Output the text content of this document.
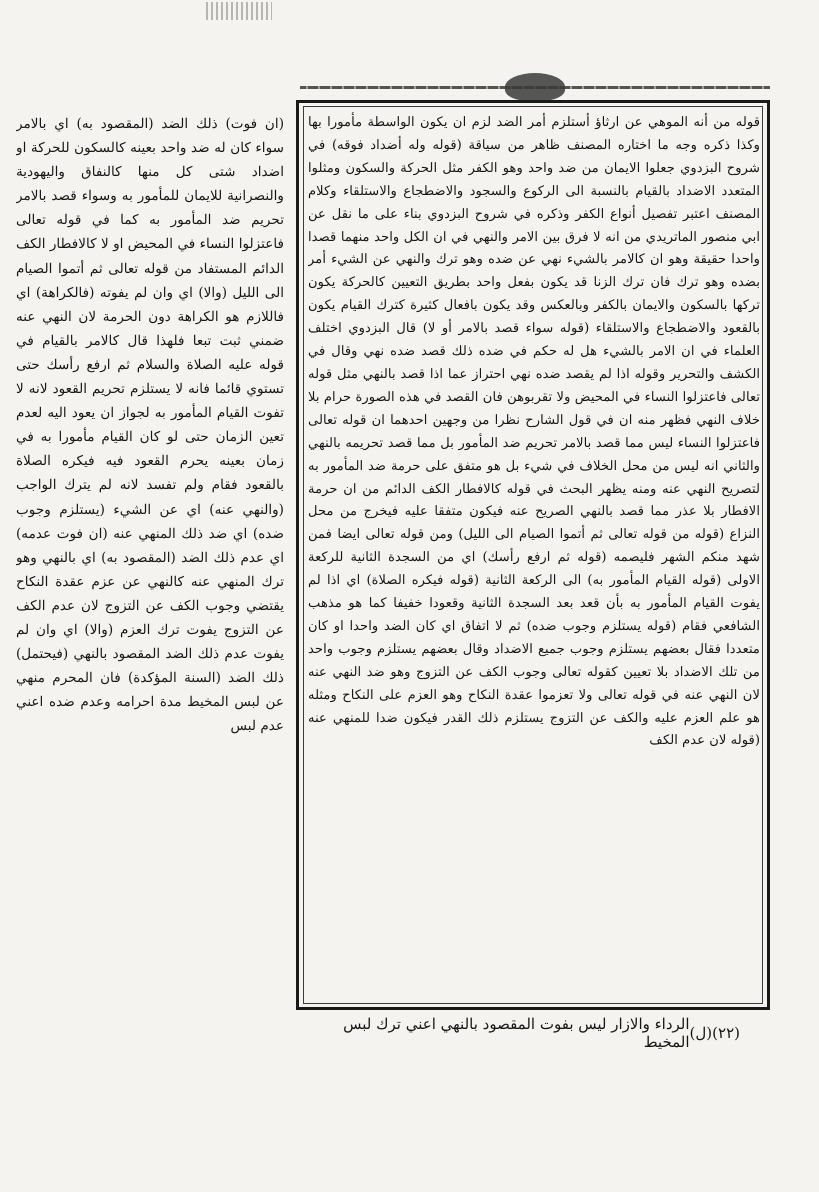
قوله من أنه الموهي عن ارثاؤ أستلزم أمر الضد لزم ان يكون الواسطة مأمورا بها وكذا ذكره وجه ما اختاره المصنف ظاهر من سياقة (قوله وله أضداد فوقه) في شروح البزدوي جعلوا الايمان من ضد واحد وهو الكفر مثل الحركة والسكون ومثلوا المتعدد الاضداد بالقيام بالنسبة الى الركوع والسجود والاضطجاع والاستلقاء وكلام المصنف اعتبر تفصيل أنواع الكفر وذكره في شروح البزدوي بناء على ما نقل عن ابي منصور الماتريدي من انه لا فرق بين الامر والنهي في ان الكل واحد منهما قصدا واحدا حقيقة وهو ان كالامر بالشيء نهي عن ضده وهو ترك والنهي عن الشيء أمر بضده وهو ترك فان ترك الزنا قد يكون بفعل واحد بطريق التعيين كالحركة يكون تركها بالسكون والايمان بالكفر وبالعكس وقد يكون بافعال كثيرة كترك القيام يكون بالقعود والاضطجاع والاستلقاء (قوله سواء قصد بالامر أو لا) قال البزدوي اختلف العلماء في ان الامر بالشيء هل له حكم في ضده ذلك قصد ضده نهي وقال في الكشف والتحرير وقوله اذا لم يقصد ضده نهي احتراز عما اذا قصد بالنهي مثل قوله تعالى فاعتزلوا النساء في المحيض ولا تقربوهن فان القصد في هذه الصورة حرام بلا خلاف النهي فظهر منه ان في قول الشارح نظرا من وجهين احدهما ان قوله تعالى فاعتزلوا النساء ليس مما قصد بالامر تحريم ضد المأمور بل مما قصد تحريمه بالنهي والثاني انه ليس من محل الخلاف في شيء بل هو متفق على حرمة ضد المأمور به لتصريح النهي عنه ومنه يظهر البحث في قوله كالافطار الكف الدائم من ان حرمة الافطار بلا عذر مما قصد بالنهي الصريح عنه فيكون متفقا عليه فيخرج من محل النزاع (قوله من قوله تعالى ثم أتموا الصيام الى الليل) ومن قوله تعالى ايضا فمن شهد منكم الشهر فليصمه (قوله ثم ارفع رأسك) اي من السجدة الثانية للركعة الاولى (قوله القيام المأمور به) الى الركعة الثانية (قوله فيكره الصلاة) اي اذا لم يفوت القيام المأمور به بأن قعد بعد السجدة الثانية وقعودا خفيفا كما هو مذهب الشافعي فقام (قوله يستلزم وجوب ضده) ثم لا اتفاق اي كان الضد واحدا او كان متعددا فقال بعضهم يستلزم وجوب جميع الاضداد وقال بعضهم يستلزم وجوب واحد من تلك الاضداد بلا تعيين كقوله تعالى وجوب الكف عن التزوج وهو ضد النهي عنه لان النهي عنه في قوله تعالى ولا تعزموا عقدة النكاح وهو العزم على النكاح ومثله هو علم العزم عليه والكف عن التزوج يستلزم ذلك القدر فيكون ضدا للمنهي عنه (قوله لان عدم الكف

(ان فوت) ذلك الضد (المقصود به) اي بالامر سواء كان له ضد واحد بعينه كالسكون للحركة او اضداد شتى كل منها كالنفاق واليهودية والنصرانية للايمان للمأمور به وسواء قصد بالامر تحريم ضد المأمور به كما في قوله تعالى فاعتزلوا النساء في المحيض او لا كالافطار الكف الدائم المستفاد من قوله تعالى ثم أتموا الصيام الى الليل (والا) اي وان لم يفوته (فالكراهة) اي فاللازم هو الكراهة دون الحرمة لان النهي عنه ضمني ثبت تبعا فلهذا قال كالامر بالقيام في قوله عليه الصلاة والسلام ثم ارفع رأسك حتى تستوي قائما فانه لا يستلزم تحريم القعود لانه لا تفوت القيام المأمور به لجواز ان يعود اليه لعدم تعين الزمان حتى لو كان القيام مأمورا به في زمان بعينه يحرم القعود فيه فيكره الصلاة بالقعود فقام ولم تفسد لانه لم يترك الواجب (والنهي عنه) اي عن الشيء (يستلزم وجوب ضده) اي ضد ذلك المنهي عنه (ان فوت عدمه) اي عدم ذلك الضد (المقصود به) اي بالنهي وهو ترك المنهي عنه كالنهي عن عزم عقدة النكاح يقتضي وجوب الكف عن التزوج لان عدم الكف عن التزوج يفوت ترك العزم (والا) اي وان لم يفوت عدم ذلك الضد المقصود بالنهي (فيحتمل) ذلك الضد (السنة المؤكدة) فان المحرم منهي عن لبس المخيط مدة احرامه وعدم ضده اعني عدم لبس

(٢٢)
(ل)
الرداء والازار ليس بفوت المقصود بالنهي اعني ترك لبس المخيط
